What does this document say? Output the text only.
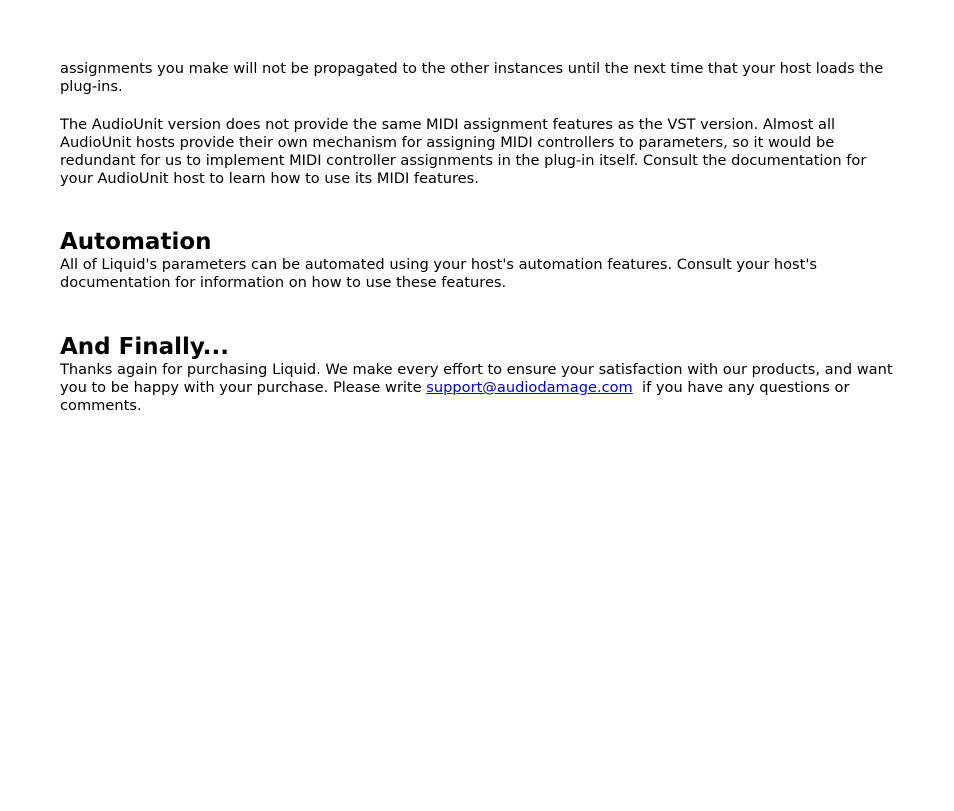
assignments you make will not be propagated to the other instances until the next time that your host loads the plug-ins.

The AudioUnit version does not provide the same MIDI assignment features as the VST version. Almost all AudioUnit hosts provide their own mechanism for assigning MIDI controllers to parameters, so it would be redundant for us to implement MIDI controller assignments in the plug-in itself. Consult the documentation for your AudioUnit host to learn how to use its MIDI features.

Automation

All of Liquid's parameters can be automated using your host's automation features. Consult your host's documentation for information on how to use these features.

And Finally...

Thanks again for purchasing Liquid. We make every effort to ensure your satisfaction with our products, and want you to be happy with your purchase. Please write support@audiodamage.com  if you have any questions or comments.
